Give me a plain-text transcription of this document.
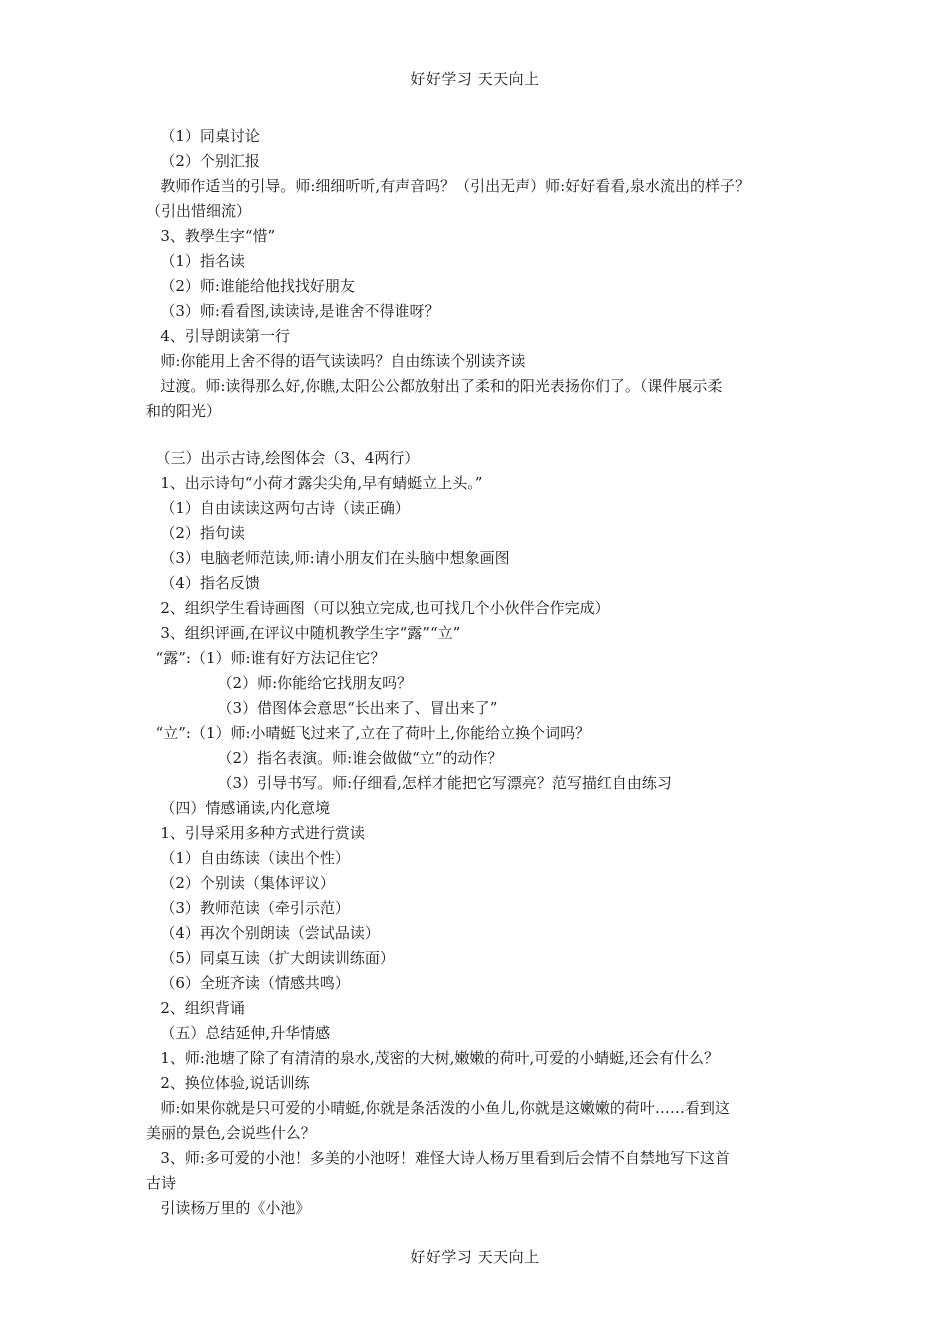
好好学习 天天向上
（1）同桌讨论
（2）个别汇报
教师作适当的引导。师:细细听听,有声音吗？（引出无声）师:好好看看,泉水流出的样子？
（引出惜细流）
3、教學生字“惜”
（1）指名读
（2）师:谁能给他找找好朋友
（3）师:看看图,读读诗,是谁舍不得谁呀？
4、引导朗读第一行
师:你能用上舍不得的语气读读吗？自由练读个别读齐读
过渡。师:读得那么好,你瞧,太阳公公都放射出了柔和的阳光表扬你们了。（课件展示柔
和的阳光）
（三）出示古诗,绘图体会（3、4两行）
1、出示诗句“小荷才露尖尖角,早有蜻蜓立上头。”
（1）自由读读这两句古诗（读正确）
（2）指句读
（3）电脑老师范读,师:请小朋友们在头脑中想象画图
（4）指名反馈
2、组织学生看诗画图（可以独立完成,也可找几个小伙伴合作完成）
3、组织评画,在评议中随机教学生字“露”“立”
“露”:（1）师:谁有好方法记住它？
（2）师:你能给它找朋友吗？
（3）借图体会意思“长出来了、冒出来了”
“立”:（1）师:小晴蜓飞过来了,立在了荷叶上,你能给立换个词吗？
（2）指名表演。师:谁会做做“立”的动作？
（3）引导书写。师:仔细看,怎样才能把它写漂亮？范写描红自由练习
（四）情感诵读,内化意境
1、引导采用多种方式进行赏读
（1）自由练读（读出个性）
（2）个别读（集体评议）
（3）教师范读（牵引示范）
（4）再次个别朗读（尝试品读）
（5）同桌互读（扩大朗读训练面）
（6）全班齐读（情感共鸣）
2、组织背诵
（五）总结延伸,升华情感
1、师:池塘了除了有清清的泉水,茂密的大树,嫩嫩的荷叶,可爱的小蜻蜓,还会有什么？
2、换位体验,说话训练
师:如果你就是只可爱的小晴蜓,你就是条活泼的小鱼儿,你就是这嫩嫩的荷叶……看到这
美丽的景色,会说些什么？
3、师:多可爱的小池！多美的小池呀！难怪大诗人杨万里看到后会情不自禁地写下这首
古诗
引读杨万里的《小池》
好好学习 天天向上
